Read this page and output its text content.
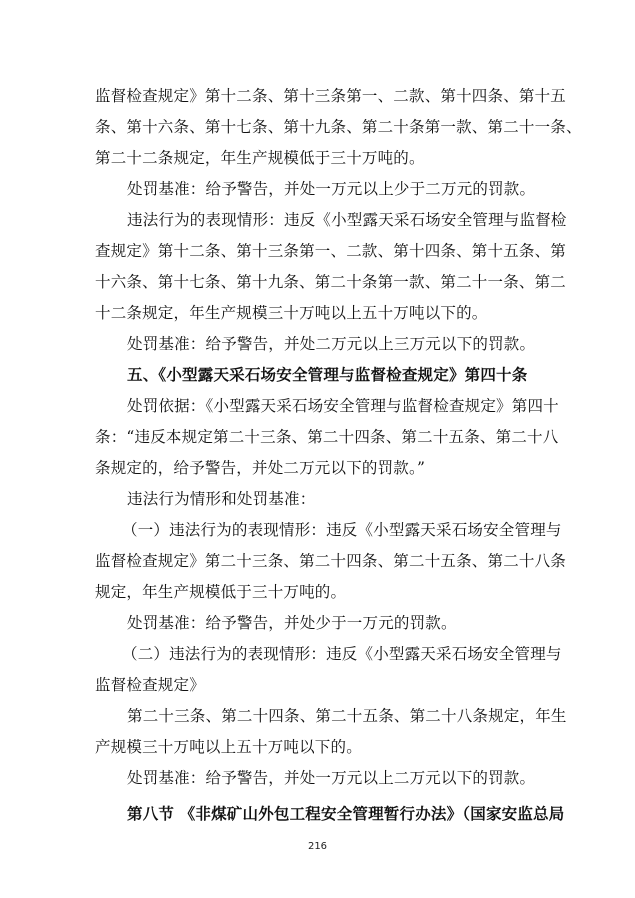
监督检查规定》第十二条、第十三条第一、二款、第十四条、第十五
条、第十六条、第十七条、第十九条、第二十条第一款、第二十一条、
第二十二条规定，年生产规模低于三十万吨的。
处罚基准：给予警告，并处一万元以上少于二万元的罚款。
违法行为的表现情形：违反《小型露天采石场安全管理与监督检
查规定》第十二条、第十三条第一、二款、第十四条、第十五条、第
十六条、第十七条、第十九条、第二十条第一款、第二十一条、第二
十二条规定，年生产规模三十万吨以上五十万吨以下的。
处罚基准：给予警告，并处二万元以上三万元以下的罚款。
五、《小型露天采石场安全管理与监督检查规定》第四十条
处罚依据：《小型露天采石场安全管理与监督检查规定》第四十
条：“违反本规定第二十三条、第二十四条、第二十五条、第二十八
条规定的，给予警告，并处二万元以下的罚款。”
违法行为情形和处罚基准：
（一）违法行为的表现情形：违反《小型露天采石场安全管理与
监督检查规定》第二十三条、第二十四条、第二十五条、第二十八条
规定，年生产规模低于三十万吨的。
处罚基准：给予警告，并处少于一万元的罚款。
（二）违法行为的表现情形：违反《小型露天采石场安全管理与
监督检查规定》
第二十三条、第二十四条、第二十五条、第二十八条规定，年生
产规模三十万吨以上五十万吨以下的。
处罚基准：给予警告，并处一万元以上二万元以下的罚款。
第八节 《非煤矿山外包工程安全管理暂行办法》（国家安监总局
216
